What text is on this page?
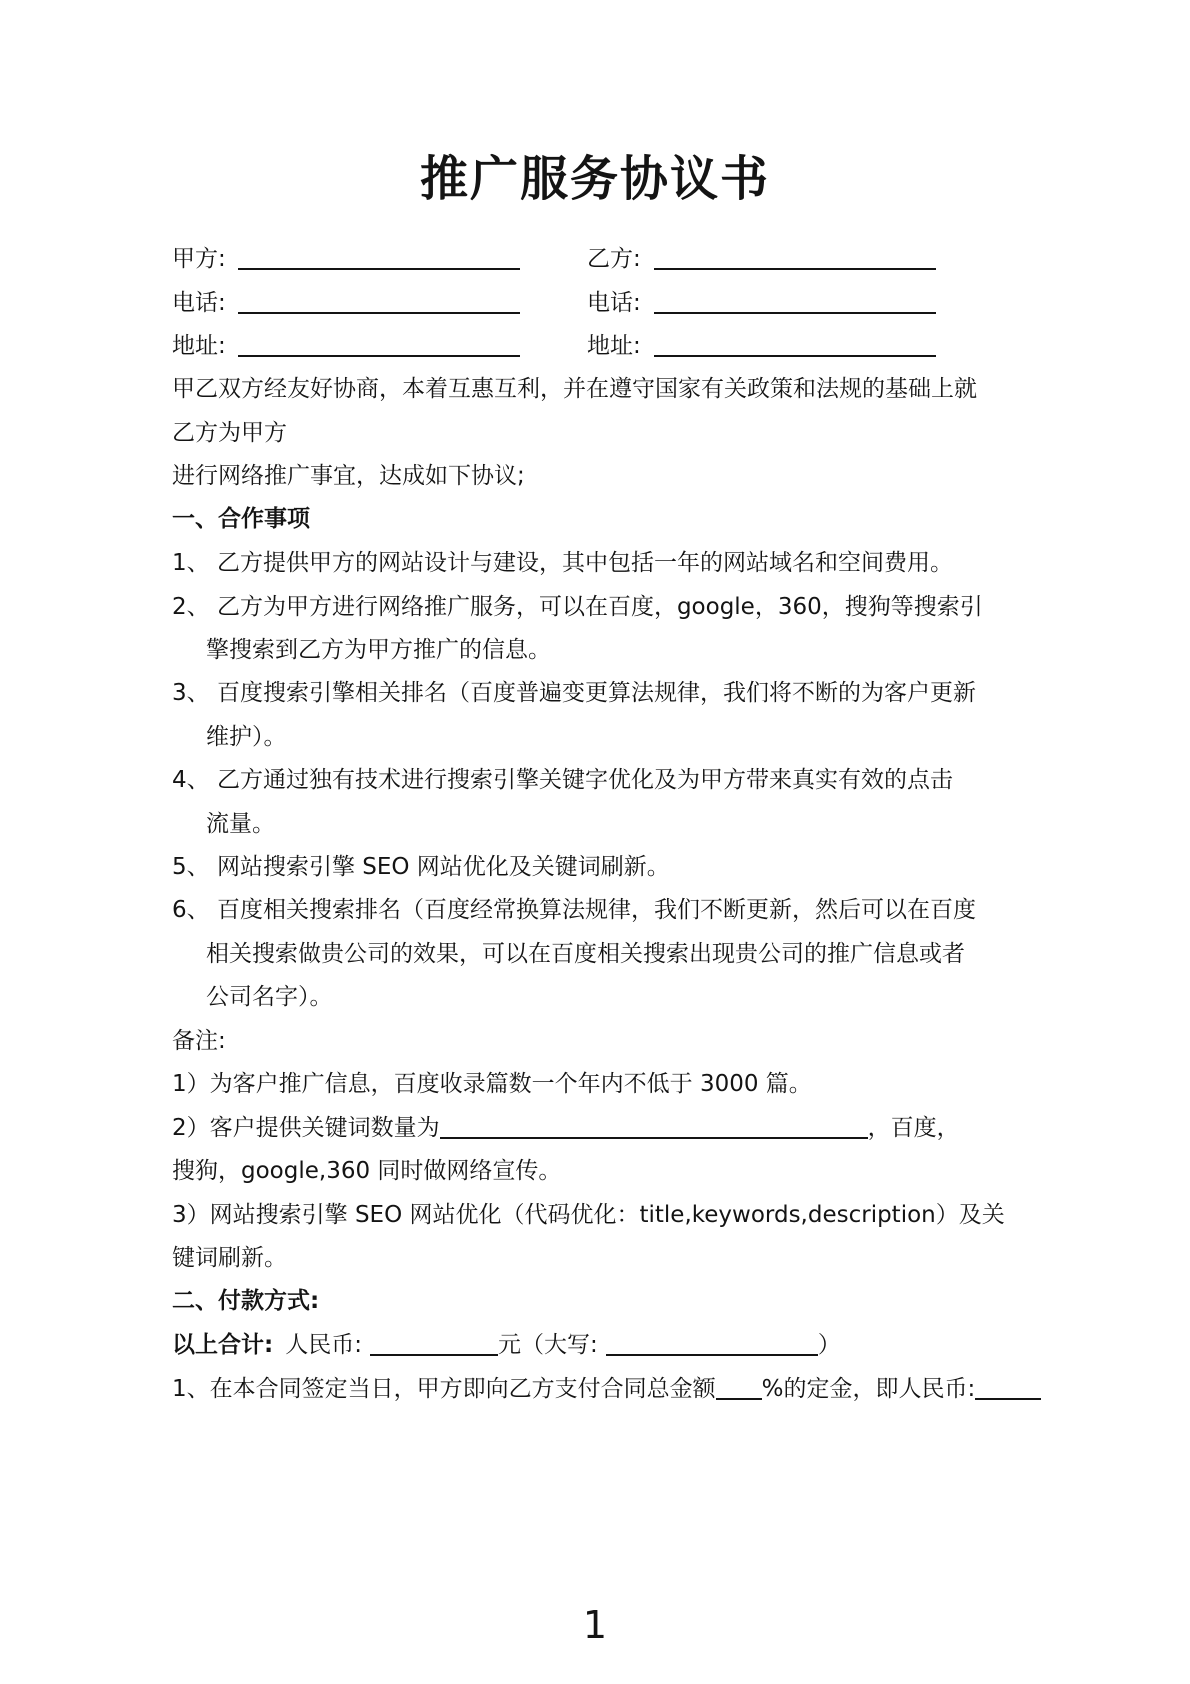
推广服务协议书
甲方:	乙方:
电话:	电话:
地址:	地址:
甲乙双方经友好协商，本着互惠互利，并在遵守国家有关政策和法规的基础上就
乙方为甲方
进行网络推广事宜，达成如下协议;
一、合作事项
1、 乙方提供甲方的网站设计与建设，其中包括一年的网站域名和空间费用。
2、 乙方为甲方进行网络推广服务，可以在百度，google，360，搜狗等搜索引
擎搜索到乙方为甲方推广的信息。
3、 百度搜索引擎相关排名（百度普遍变更算法规律，我们将不断的为客户更新
维护）。
4、 乙方通过独有技术进行搜索引擎关键字优化及为甲方带来真实有效的点击
流量。
5、 网站搜索引擎 SEO 网站优化及关键词刷新。
6、 百度相关搜索排名（百度经常换算法规律，我们不断更新，然后可以在百度
相关搜索做贵公司的效果，可以在百度相关搜索出现贵公司的推广信息或者
公司名字）。
备注:
1）为客户推广信息，百度收录篇数一个年内不低于 3000 篇。
2）客户提供关键词数量为	，百度，
搜狗，google,360 同时做网络宣传。
3）网站搜索引擎 SEO 网站优化（代码优化：title,keywords,description）及关
键词刷新。
二、付款方式:
以上合计: 人民币:	元（大写:	）
1、在本合同签定当日，甲方即向乙方支付合同总金额 %的定金，即人民币:
1
